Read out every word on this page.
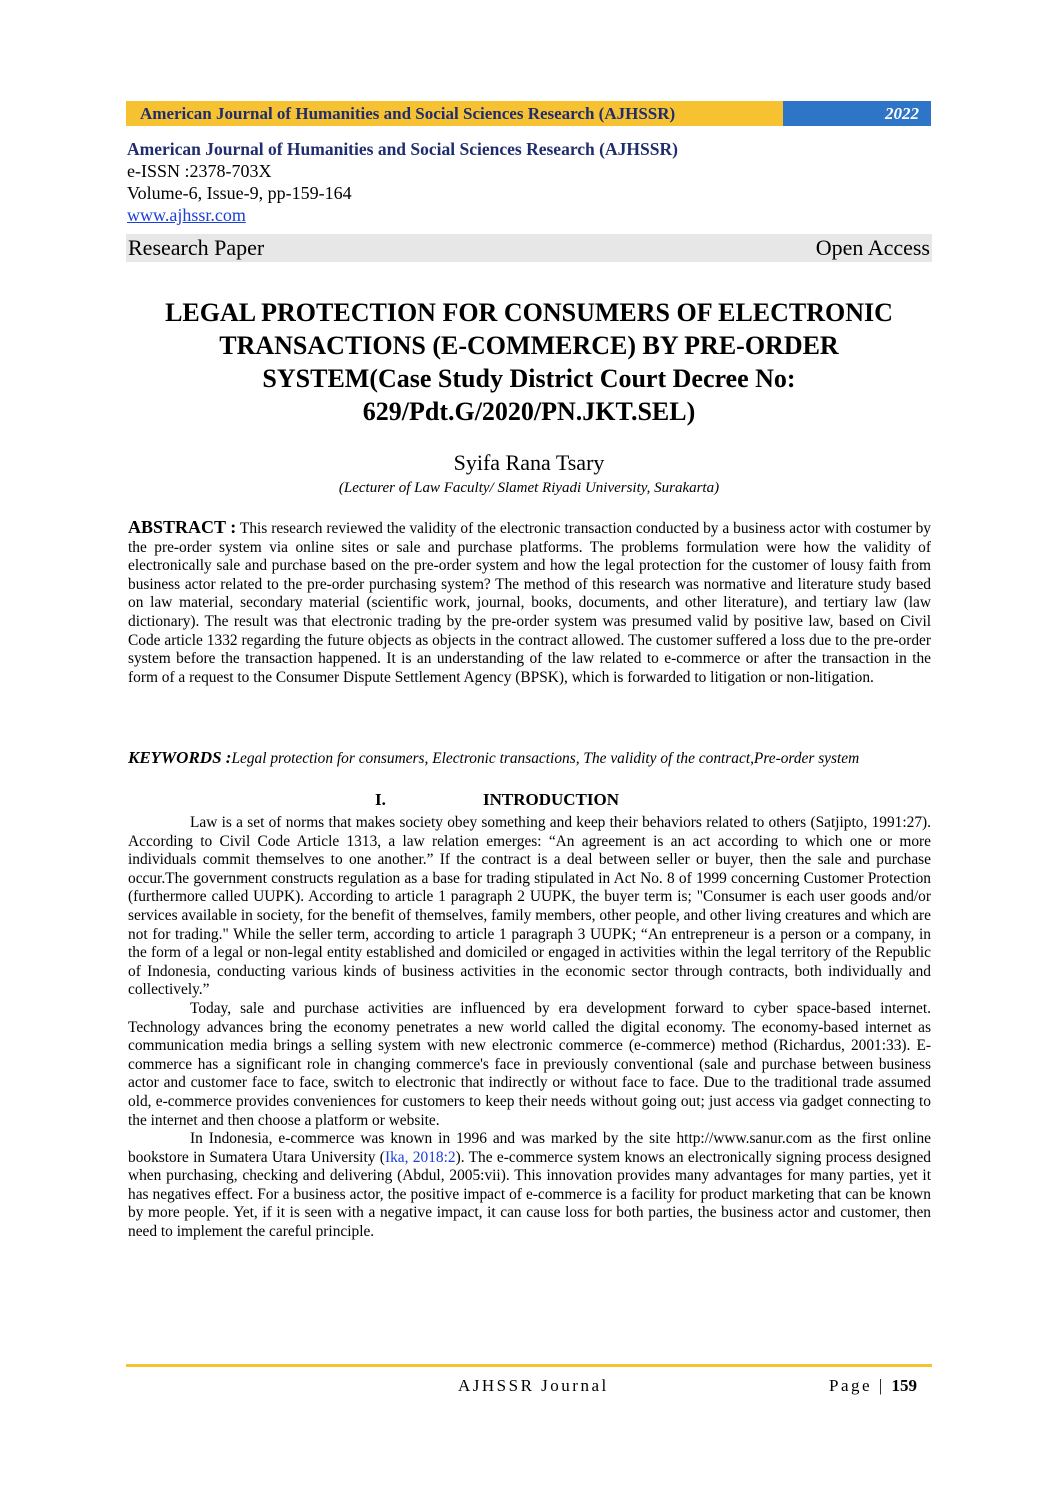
American Journal of Humanities and Social Sciences Research (AJHSSR)	2022
American Journal of Humanities and Social Sciences Research (AJHSSR)
e-ISSN :2378-703X
Volume-6, Issue-9, pp-159-164
www.ajhssr.com
Research Paper	Open Access
LEGAL PROTECTION FOR CONSUMERS OF ELECTRONIC
TRANSACTIONS (E-COMMERCE) BY PRE-ORDER
SYSTEM(Case Study District Court Decree No:
629/Pdt.G/2020/PN.JKT.SEL)
Syifa Rana Tsary
(Lecturer of Law Faculty/ Slamet Riyadi University, Surakarta)
ABSTRACT : This research reviewed the validity of the electronic transaction conducted by a business actor with costumer by the pre-order system via online sites or sale and purchase platforms. The problems formulation were how the validity of electronically sale and purchase based on the pre-order system and how the legal protection for the customer of lousy faith from business actor related to the pre-order purchasing system? The method of this research was normative and literature study based on law material, secondary material (scientific work, journal, books, documents, and other literature), and tertiary law (law dictionary). The result was that electronic trading by the pre-order system was presumed valid by positive law, based on Civil Code article 1332 regarding the future objects as objects in the contract allowed. The customer suffered a loss due to the pre-order system before the transaction happened. It is an understanding of the law related to e-commerce or after the transaction in the form of a request to the Consumer Dispute Settlement Agency (BPSK), which is forwarded to litigation or non-litigation.
KEYWORDS :Legal protection for consumers, Electronic transactions, The validity of the contract,Pre-order system
I.	INTRODUCTION

Law is a set of norms that makes society obey something and keep their behaviors related to others (Satjipto, 1991:27). According to Civil Code Article 1313, a law relation emerges: “An agreement is an act according to which one or more individuals commit themselves to one another.” If the contract is a deal between seller or buyer, then the sale and purchase occur.The government constructs regulation as a base for trading stipulated in Act No. 8 of 1999 concerning Customer Protection (furthermore called UUPK). According to article 1 paragraph 2 UUPK, the buyer term is; "Consumer is each user goods and/or services available in society, for the benefit of themselves, family members, other people, and other living creatures and which are not for trading." While the seller term, according to article 1 paragraph 3 UUPK; “An entrepreneur is a person or a company, in the form of a legal or non-legal entity established and domiciled or engaged in activities within the legal territory of the Republic of Indonesia, conducting various kinds of business activities in the economic sector through contracts, both individually and collectively.”

Today, sale and purchase activities are influenced by era development forward to cyber space-based internet. Technology advances bring the economy penetrates a new world called the digital economy. The economy-based internet as communication media brings a selling system with new electronic commerce (e-commerce) method (Richardus, 2001:33). E-commerce has a significant role in changing commerce's face in previously conventional (sale and purchase between business actor and customer face to face, switch to electronic that indirectly or without face to face. Due to the traditional trade assumed old, e-commerce provides conveniences for customers to keep their needs without going out; just access via gadget connecting to the internet and then choose a platform or website.

In Indonesia, e-commerce was known in 1996 and was marked by the site http://www.sanur.com as the first online bookstore in Sumatera Utara University (Ika, 2018:2). The e-commerce system knows an electronically signing process designed when purchasing, checking and delivering (Abdul, 2005:vii). This innovation provides many advantages for many parties, yet it has negatives effect. For a business actor, the positive impact of e-commerce is a facility for product marketing that can be known by more people. Yet, if it is seen with a negative impact, it can cause loss for both parties, the business actor and customer, then need to implement the careful principle.

AJHSSR Journal	Page | 159
